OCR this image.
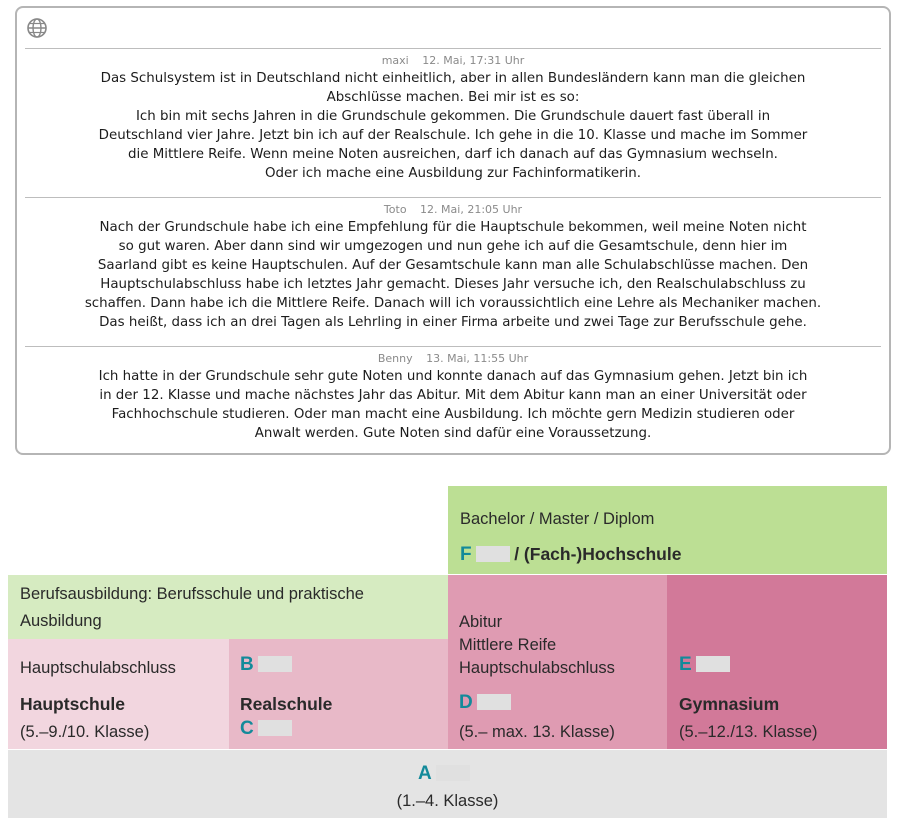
maxi 12. Mai, 17:31 Uhr
Das Schulsystem ist in Deutschland nicht einheitlich, aber in allen Bundesländern kann man die gleichen
Abschlüsse machen. Bei mir ist es so:
Ich bin mit sechs Jahren in die Grundschule gekommen. Die Grundschule dauert fast überall in
Deutschland vier Jahre. Jetzt bin ich auf der Realschule. Ich gehe in die 10. Klasse und mache im Sommer
die Mittlere Reife. Wenn meine Noten ausreichen, darf ich danach auf das Gymnasium wechseln.
Oder ich mache eine Ausbildung zur Fachinformatikerin.
Toto 12. Mai, 21:05 Uhr
Nach der Grundschule habe ich eine Empfehlung für die Hauptschule bekommen, weil meine Noten nicht
so gut waren. Aber dann sind wir umgezogen und nun gehe ich auf die Gesamtschule, denn hier im
Saarland gibt es keine Hauptschulen. Auf der Gesamtschule kann man alle Schulabschlüsse machen. Den
Hauptschulabschluss habe ich letztes Jahr gemacht. Dieses Jahr versuche ich, den Realschulabschluss zu
schaffen. Dann habe ich die Mittlere Reife. Danach will ich voraussichtlich eine Lehre als Mechaniker machen.
Das heißt, dass ich an drei Tagen als Lehrling in einer Firma arbeite und zwei Tage zur Berufsschule gehe.
Benny 13. Mai, 11:55 Uhr
Ich hatte in der Grundschule sehr gute Noten und konnte danach auf das Gymnasium gehen. Jetzt bin ich
in der 12. Klasse und mache nächstes Jahr das Abitur. Mit dem Abitur kann man an einer Universität oder
Fachhochschule studieren. Oder man macht eine Ausbildung. Ich möchte gern Medizin studieren oder
Anwalt werden. Gute Noten sind dafür eine Voraussetzung.
Bachelor / Master / Diplom
F / (Fach-)Hochschule
Berufsausbildung: Berufsschule und praktische
Ausbildung
Hauptschulabschluss
Hauptschule
(5.–9./10. Klasse)
B
Realschule
C
Abitur
Mittlere Reife
Hauptschulabschluss
D
(5.– max. 13. Klasse)
E
Gymnasium
(5.–12./13. Klasse)
A
(1.–4. Klasse)
